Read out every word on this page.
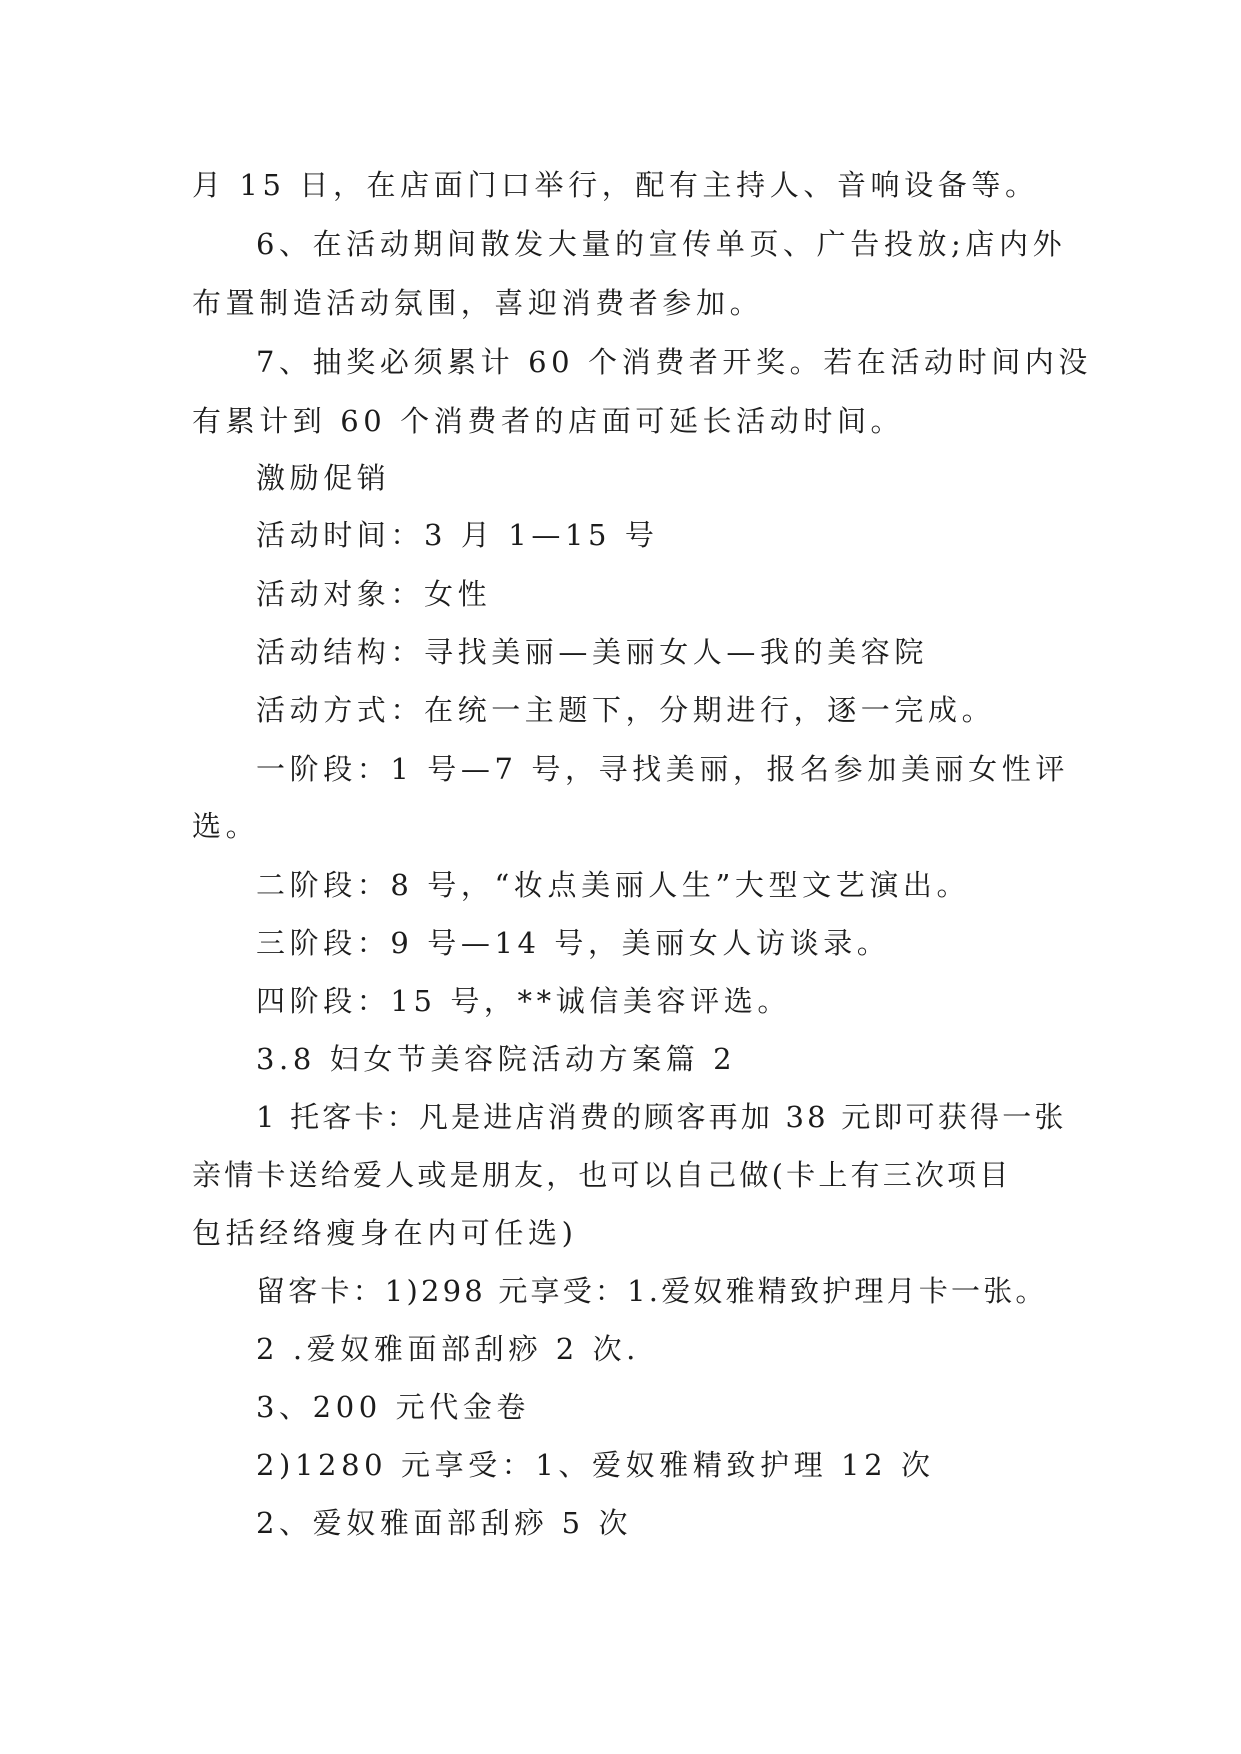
月 15 日，在店面门口举行，配有主持人、音响设备等。
6、在活动期间散发大量的宣传单页、广告投放;店内外
布置制造活动氛围，喜迎消费者参加。
7、抽奖必须累计 60 个消费者开奖。若在活动时间内没
有累计到 60 个消费者的店面可延长活动时间。
激励促销
活动时间：3 月 1—15 号
活动对象：女性
活动结构：寻找美丽—美丽女人—我的美容院
活动方式：在统一主题下，分期进行，逐一完成。
一阶段：1 号—7 号，寻找美丽，报名参加美丽女性评
选。
二阶段：8 号，“妆点美丽人生”大型文艺演出。
三阶段：9 号—14 号，美丽女人访谈录。
四阶段：15 号，**诚信美容评选。
3.8 妇女节美容院活动方案篇 2
1 托客卡：凡是进店消费的顾客再加 38 元即可获得一张
亲情卡送给爱人或是朋友，也可以自己做(卡上有三次项目
包括经络瘦身在内可任选)
留客卡：1)298 元享受：1.爱奴雅精致护理月卡一张。
2 .爱奴雅面部刮痧 2 次.
3、200 元代金卷
2)1280 元享受：1、爱奴雅精致护理 12 次
2、爱奴雅面部刮痧 5 次
